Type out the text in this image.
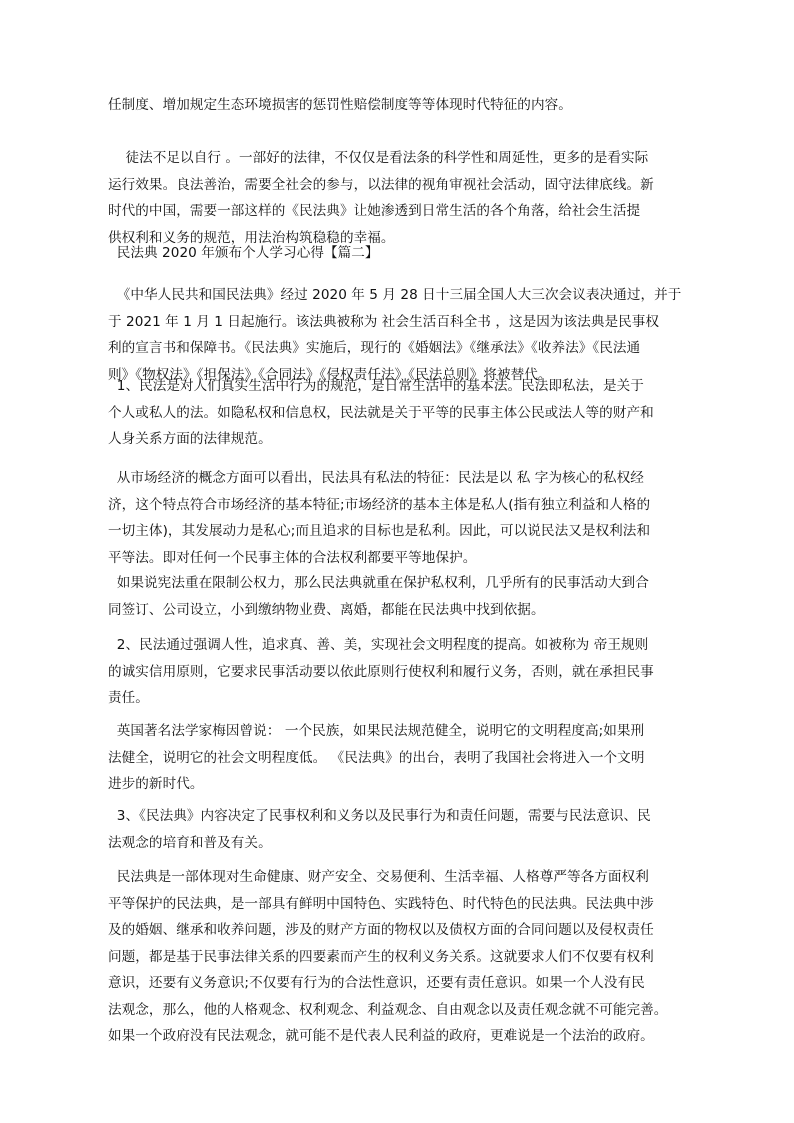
任制度、增加规定生态环境损害的惩罚性赔偿制度等等体现时代特征的内容。

徒法不足以自行 。一部好的法律，不仅仅是看法条的科学性和周延性，更多的是看实际
运行效果。良法善治，需要全社会的参与，以法律的视角审视社会活动，固守法律底线。新
时代的中国，需要一部这样的《民法典》让她渗透到日常生活的各个角落，给社会生活提
供权利和义务的规范，用法治构筑稳稳的幸福。

民法典 2020 年颁布个人学习心得【篇二】

《中华人民共和国民法典》经过 2020 年 5 月 28 日十三届全国人大三次会议表决通过，并于
于 2021 年 1 月 1 日起施行。该法典被称为 社会生活百科全书 ，这是因为该法典是民事权
利的宣言书和保障书。《民法典》实施后，现行的《婚姻法》《继承法》《收养法》《民法通
则》《物权法》《担保法》《合同法》《侵权责任法》《民法总则》将被替代。

1、民法是对人们真实生活中行为的规范，是日常生活中的基本法。民法即私法，是关于
个人或私人的法。如隐私权和信息权，民法就是关于平等的民事主体公民或法人等的财产和
人身关系方面的法律规范。

从市场经济的概念方面可以看出，民法具有私法的特征：民法是以 私 字为核心的私权经
济，这个特点符合市场经济的基本特征;市场经济的基本主体是私人(指有独立利益和人格的
一切主体)，其发展动力是私心;而且追求的目标也是私利。因此，可以说民法又是权利法和
平等法。即对任何一个民事主体的合法权利都要平等地保护。

如果说宪法重在限制公权力，那么民法典就重在保护私权利，几乎所有的民事活动大到合
同签订、公司设立，小到缴纳物业费、离婚，都能在民法典中找到依据。

2、民法通过强调人性，追求真、善、美，实现社会文明程度的提高。如被称为 帝王规则
的诚实信用原则，它要求民事活动要以依此原则行使权利和履行义务，否则，就在承担民事
责任。

英国著名法学家梅因曾说： 一个民族，如果民法规范健全，说明它的文明程度高;如果刑
法健全，说明它的社会文明程度低。 《民法典》的出台，表明了我国社会将进入一个文明
进步的新时代。

3、《民法典》内容决定了民事权利和义务以及民事行为和责任问题，需要与民法意识、民
法观念的培育和普及有关。

民法典是一部体现对生命健康、财产安全、交易便利、生活幸福、人格尊严等各方面权利
平等保护的民法典，是一部具有鲜明中国特色、实践特色、时代特色的民法典。民法典中涉
及的婚姻、继承和收养问题，涉及的财产方面的物权以及债权方面的合同问题以及侵权责任
问题，都是基于民事法律关系的四要素而产生的权利义务关系。这就要求人们不仅要有权利
意识，还要有义务意识;不仅要有行为的合法性意识，还要有责任意识。如果一个人没有民
法观念，那么，他的人格观念、权利观念、利益观念、自由观念以及责任观念就不可能完善。
如果一个政府没有民法观念，就可能不是代表人民利益的政府，更难说是一个法治的政府。
